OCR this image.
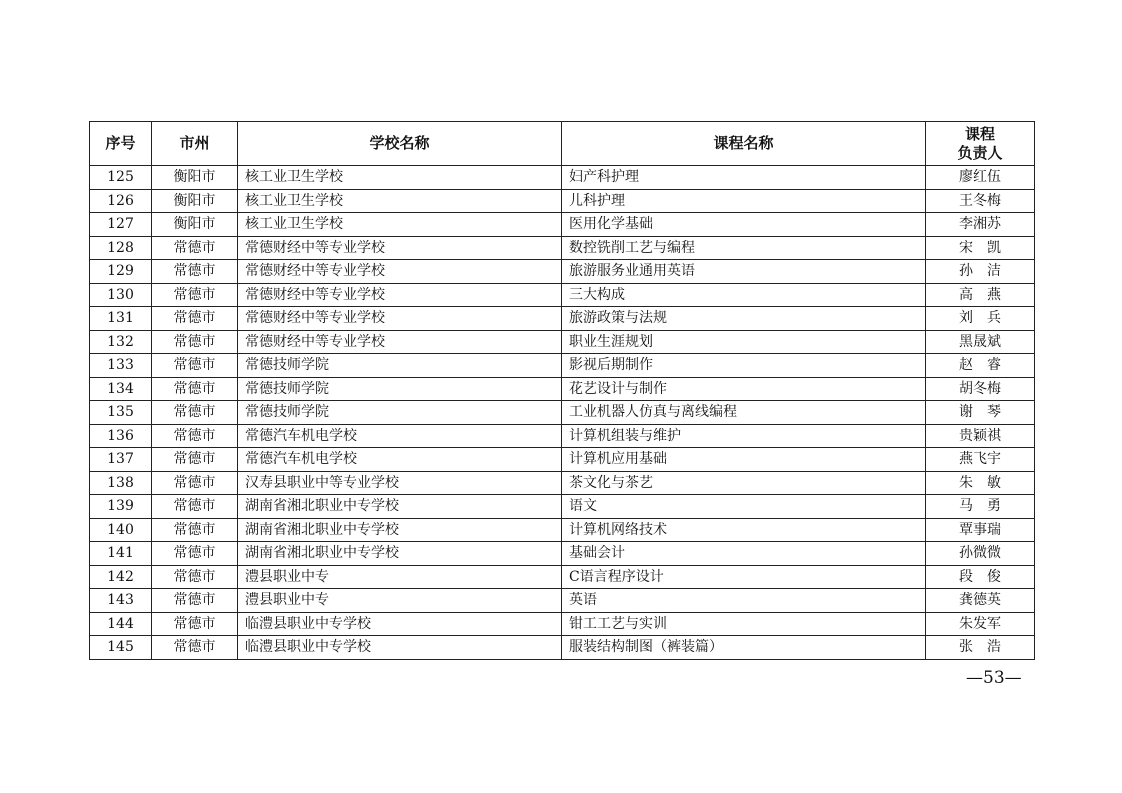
序号	市州	学校名称	课程名称	课程
负责人

125	衡阳市	核工业卫生学校	妇产科护理	廖红伍
126	衡阳市	核工业卫生学校	儿科护理	王冬梅
127	衡阳市	核工业卫生学校	医用化学基础	李湘苏
128	常德市	常德财经中等专业学校	数控铣削工艺与编程	宋　凯
129	常德市	常德财经中等专业学校	旅游服务业通用英语	孙　洁
130	常德市	常德财经中等专业学校	三大构成	高　燕
131	常德市	常德财经中等专业学校	旅游政策与法规	刘　兵
132	常德市	常德财经中等专业学校	职业生涯规划	黑晟斌
133	常德市	常德技师学院	影视后期制作	赵　睿
134	常德市	常德技师学院	花艺设计与制作	胡冬梅
135	常德市	常德技师学院	工业机器人仿真与离线编程	谢　琴
136	常德市	常德汽车机电学校	计算机组装与维护	贵颖祺
137	常德市	常德汽车机电学校	计算机应用基础	燕飞宇
138	常德市	汉寿县职业中等专业学校	茶文化与茶艺	朱　敏
139	常德市	湖南省湘北职业中专学校	语文	马　勇
140	常德市	湖南省湘北职业中专学校	计算机网络技术	覃事瑞
141	常德市	湖南省湘北职业中专学校	基础会计	孙微微
142	常德市	澧县职业中专	C语言程序设计	段　俊
143	常德市	澧县职业中专	英语	龚德英
144	常德市	临澧县职业中专学校	钳工工艺与实训	朱发军
145	常德市	临澧县职业中专学校	服装结构制图（裤装篇）	张　浩
—53—
